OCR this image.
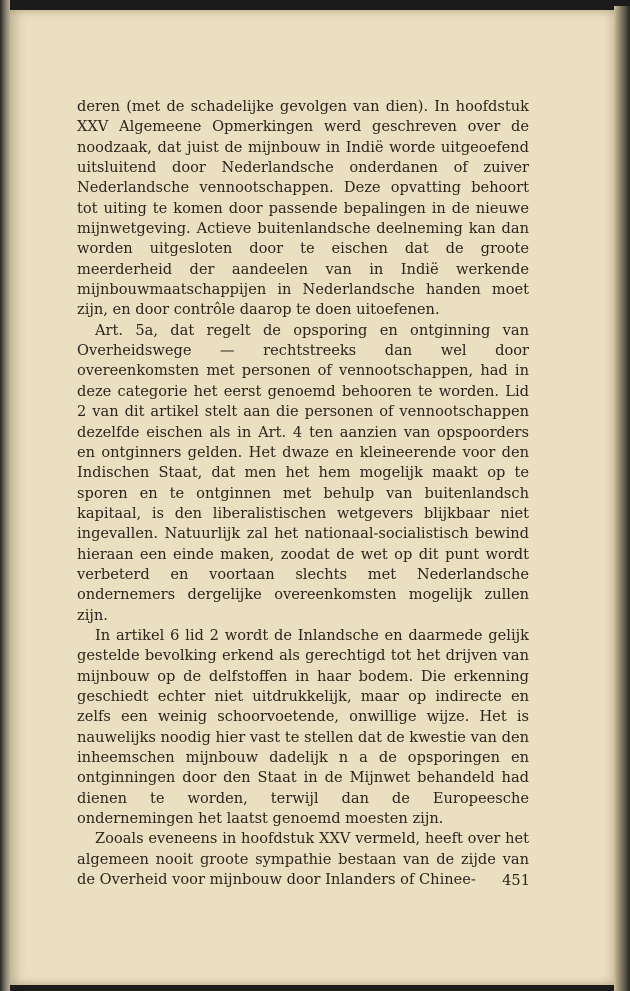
deren (met de schadelijke gevolgen van dien). In hoofdstuk XXV Algemeene Opmerkingen werd geschreven over de noodzaak, dat juist de mijnbouw in Indië worde uitgeoefend uitsluitend door Nederlandsche onderdanen of zuiver Nederlandsche vennootschappen. Deze opvatting behoort tot uiting te komen door passende bepalingen in de nieuwe mijnwetgeving. Actieve buitenlandsche deelneming kan dan worden uitgesloten door te eischen dat de groote meerderheid der aandeelen van in Indië werkende mijnbouwmaatschappijen in Nederlandsche handen moet zijn, en door contrôle daarop te doen uitoefenen.

Art. 5a, dat regelt de opsporing en ontginning van Overheidswege — rechtstreeks dan wel door overeenkomsten met personen of vennootschappen, had in deze categorie het eerst genoemd behooren te worden. Lid 2 van dit artikel stelt aan die personen of vennootschappen dezelfde eischen als in Art. 4 ten aanzien van opspoorders en ontginners gelden. Het dwaze en kleineerende voor den Indischen Staat, dat men het hem mogelijk maakt op te sporen en te ontginnen met behulp van buitenlandsch kapitaal, is den liberalistischen wetgevers blijkbaar niet ingevallen. Natuurlijk zal het nationaal-socialistisch bewind hieraan een einde maken, zoodat de wet op dit punt wordt verbeterd en voortaan slechts met Nederlandsche ondernemers dergelijke overeenkomsten mogelijk zullen zijn.

In artikel 6 lid 2 wordt de Inlandsche en daarmede gelijk gestelde bevolking erkend als gerechtigd tot het drijven van mijnbouw op de delfstoffen in haar bodem. Die erkenning geschiedt echter niet uitdrukkelijk, maar op indirecte en zelfs een weinig schoorvoetende, onwillige wijze. Het is nauwelijks noodig hier vast te stellen dat de kwestie van den inheemschen mijnbouw dadelijk n a de opsporingen en ontginningen door den Staat in de Mijnwet behandeld had dienen te worden, terwijl dan de Europeesche ondernemingen het laatst genoemd moesten zijn.

Zooals eveneens in hoofdstuk XXV vermeld, heeft over het algemeen nooit groote sympathie bestaan van de zijde van de Overheid voor mijnbouw door Inlanders of Chinee-	451
